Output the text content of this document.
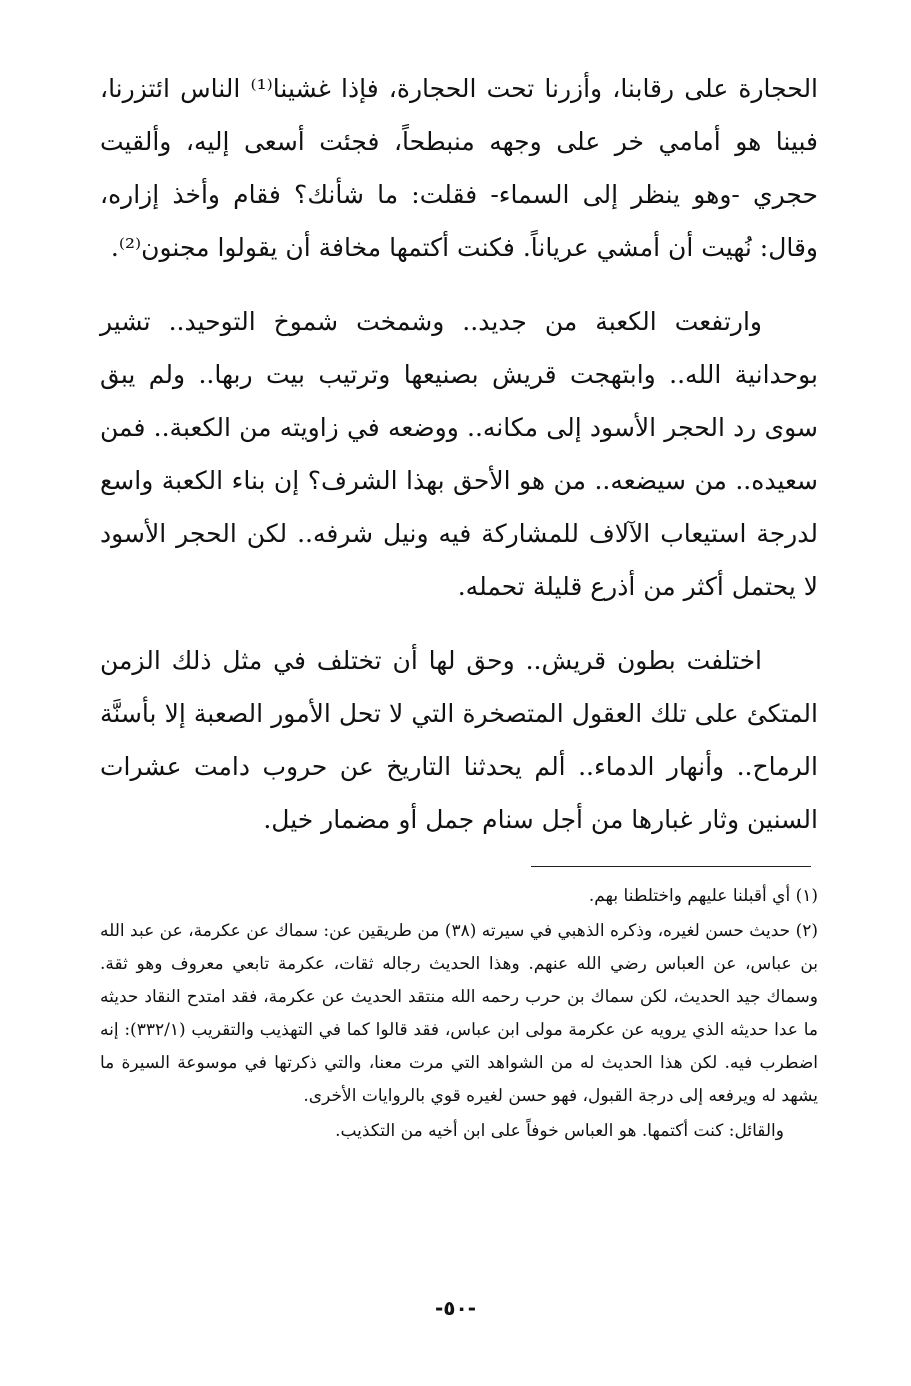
الحجارة على رقابنا، وأزرنا تحت الحجارة، فإذا غشينا⁽¹⁾ الناس ائتزرنا، فبينا هو أمامي خر على وجهه منبطحاً، فجئت أسعى إليه، وألقيت حجري -وهو ينظر إلى السماء- فقلت: ما شأنك؟ فقام وأخذ إزاره، وقال: نُهيت أن أمشي عرياناً. فكنت أكتمها مخافة أن يقولوا مجنون⁽²⁾.

وارتفعت الكعبة من جديد.. وشمخت شموخ التوحيد.. تشير بوحدانية الله.. وابتهجت قريش بصنيعها وترتيب بيت ربها.. ولم يبق سوى رد الحجر الأسود إلى مكانه.. ووضعه في زاويته من الكعبة.. فمن سعيده.. من سيضعه.. من هو الأحق بهذا الشرف؟ إن بناء الكعبة واسع لدرجة استيعاب الآلاف للمشاركة فيه ونيل شرفه.. لكن الحجر الأسود لا يحتمل أكثر من أذرع قليلة تحمله.

اختلفت بطون قريش.. وحق لها أن تختلف في مثل ذلك الزمن المتكئ على تلك العقول المتصخرة التي لا تحل الأمور الصعبة إلا بأسنَّة الرماح.. وأنهار الدماء.. ألم يحدثنا التاريخ عن حروب دامت عشرات السنين وثار غبارها من أجل سنام جمل أو مضمار خيل.

(١) أي أقبلنا عليهم واختلطنا بهم.

(٢) حديث حسن لغيره، وذكره الذهبي في سيرته (٣٨) من طريقين عن: سماك عن عكرمة، عن عبد الله بن عباس، عن العباس رضي الله عنهم. وهذا الحديث رجاله ثقات، عكرمة تابعي معروف وهو ثقة. وسماك جيد الحديث، لكن سماك بن حرب رحمه الله منتقد الحديث عن عكرمة، فقد امتدح النقاد حديثه ما عدا حديثه الذي يرويه عن عكرمة مولى ابن عباس، فقد قالوا كما في التهذيب والتقريب (٣٣٢/١): إنه اضطرب فيه. لكن هذا الحديث له من الشواهد التي مرت معنا، والتي ذكرتها في موسوعة السيرة ما يشهد له ويرفعه إلى درجة القبول، فهو حسن لغيره قوي بالروايات الأخرى.

والقائل: كنت أكتمها. هو العباس خوفاً على ابن أخيه من التكذيب.

-٥٠-
